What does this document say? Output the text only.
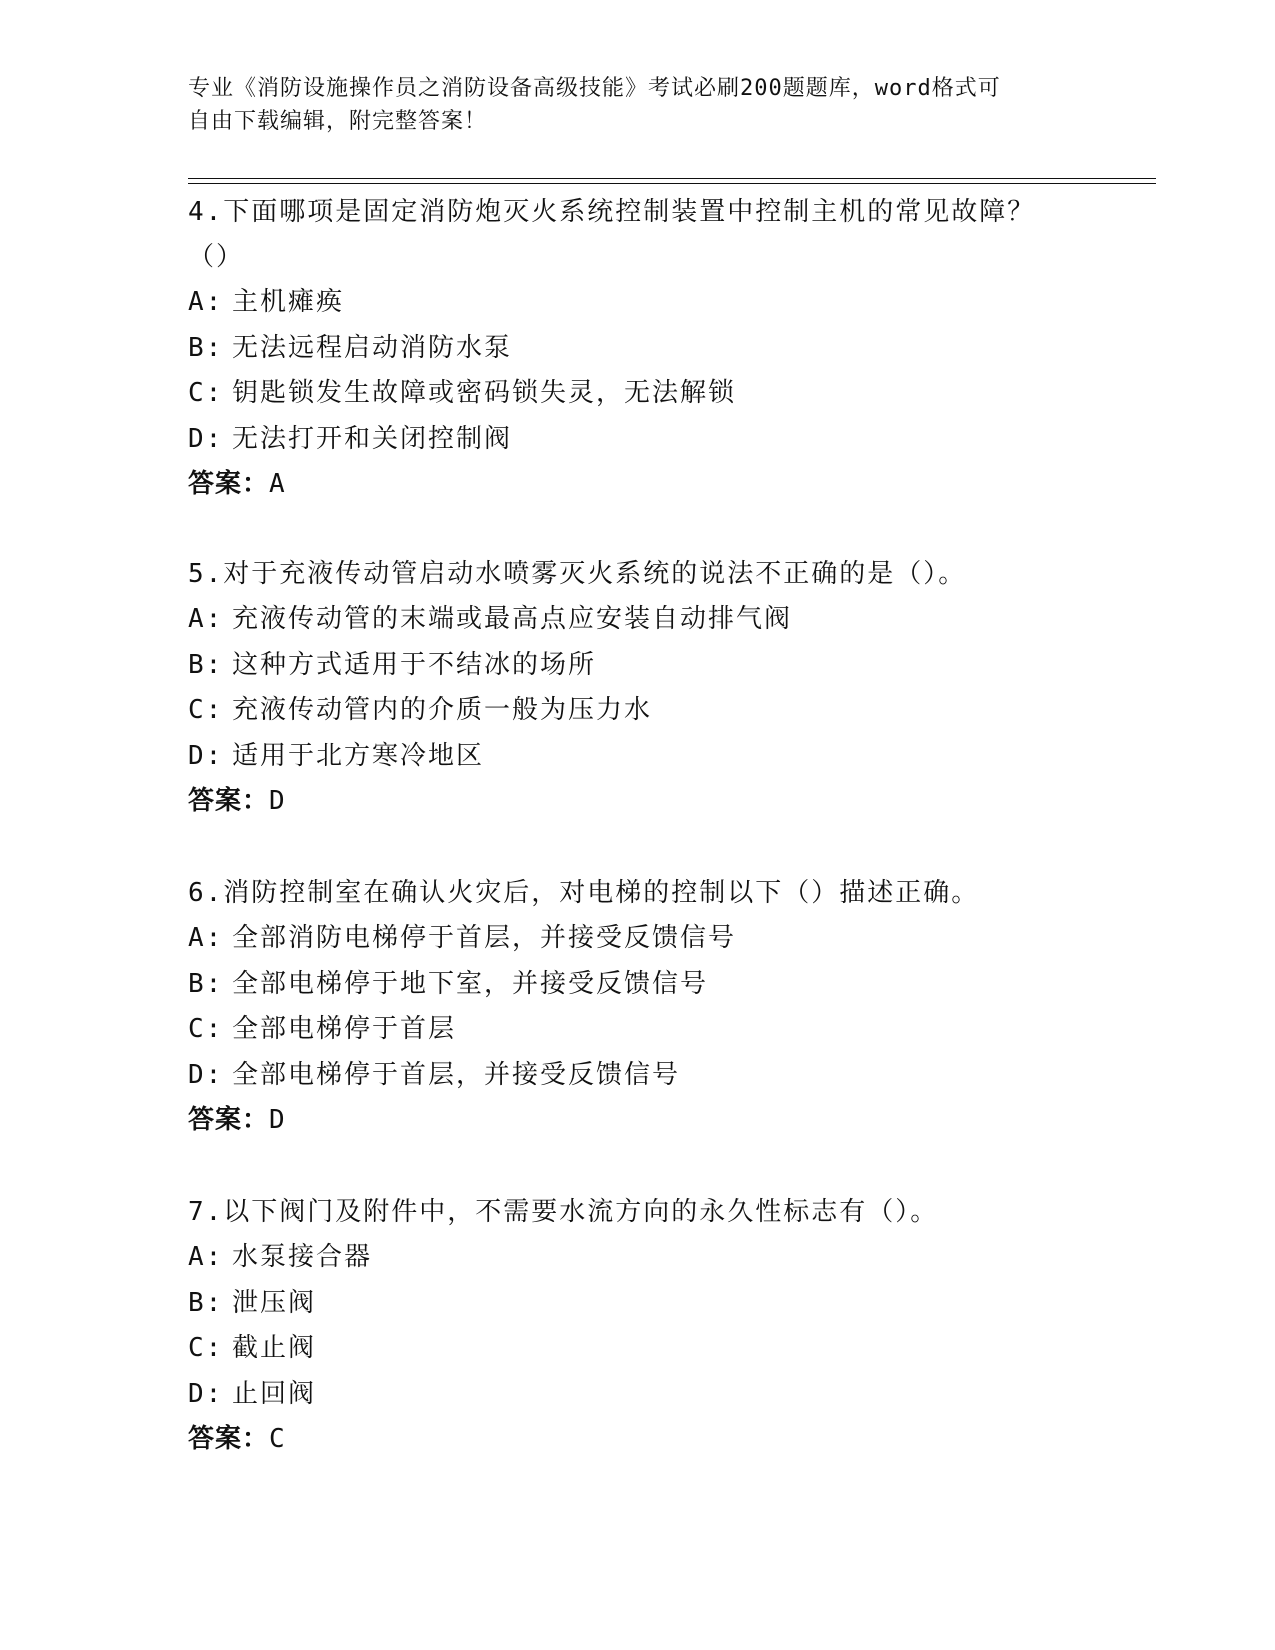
专业《消防设施操作员之消防设备高级技能》考试必刷200题题库，word格式可
自由下载编辑，附完整答案！
4.下面哪项是固定消防炮灭火系统控制装置中控制主机的常见故障？
（）
A: 主机瘫痪
B: 无法远程启动消防水泵
C: 钥匙锁发生故障或密码锁失灵，无法解锁
D: 无法打开和关闭控制阀
答案：A
5.对于充液传动管启动水喷雾灭火系统的说法不正确的是（）。
A: 充液传动管的末端或最高点应安装自动排气阀
B: 这种方式适用于不结冰的场所
C: 充液传动管内的介质一般为压力水
D: 适用于北方寒冷地区
答案：D
6.消防控制室在确认火灾后，对电梯的控制以下（）描述正确。
A: 全部消防电梯停于首层，并接受反馈信号
B: 全部电梯停于地下室，并接受反馈信号
C: 全部电梯停于首层
D: 全部电梯停于首层，并接受反馈信号
答案：D
7.以下阀门及附件中，不需要水流方向的永久性标志有（）。
A: 水泵接合器
B: 泄压阀
C: 截止阀
D: 止回阀
答案：C
